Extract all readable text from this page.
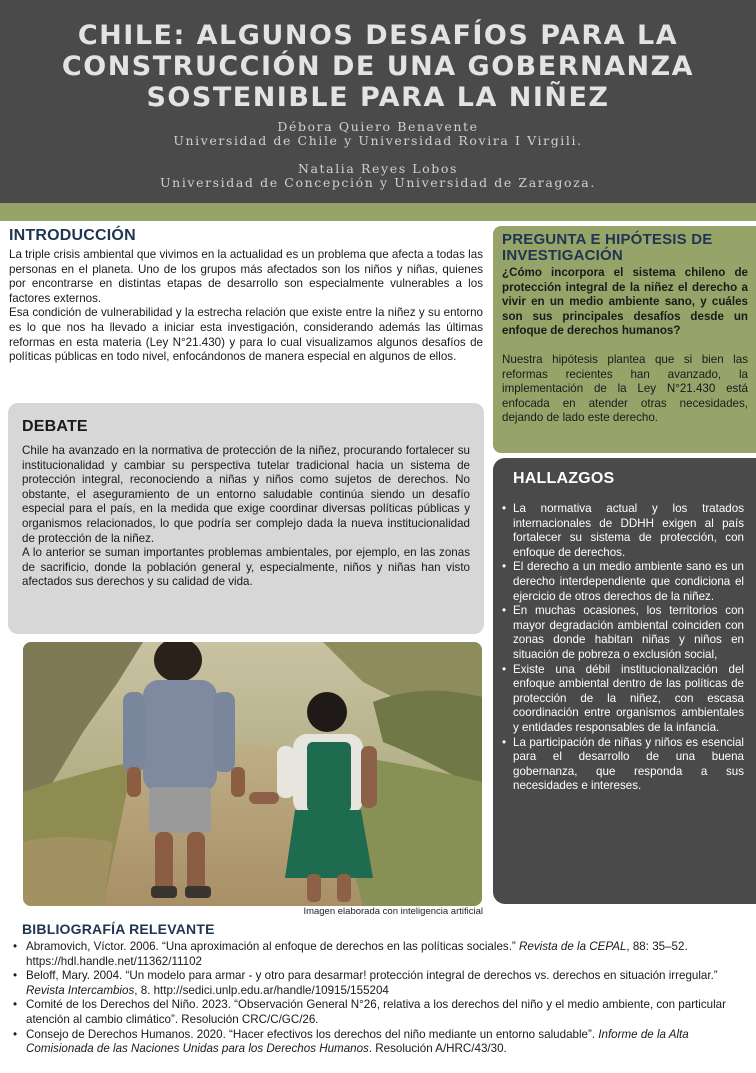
CHILE: ALGUNOS DESAFÍOS PARA LA
CONSTRUCCIÓN DE UNA GOBERNANZA
SOSTENIBLE PARA LA NIÑEZ
Débora Quiero Benavente
Universidad de Chile y Universidad Rovira I Virgili.
Natalia Reyes Lobos
Universidad de Concepción y Universidad de Zaragoza.
INTRODUCCIÓN

La triple crisis ambiental que vivimos en la actualidad es un problema que afecta a todas las personas en el planeta. Uno de los grupos más afectados son los niños y niñas, quienes por encontrarse en distintas etapas de desarrollo son especialmente vulnerables a los factores externos.

Esa condición de vulnerabilidad y la estrecha relación que existe entre la niñez y su entorno es lo que nos ha llevado a iniciar esta investigación, considerando además las últimas reformas en esta materia (Ley N°21.430) y para lo cual visualizamos algunos desafíos de políticas públicas en todo nivel, enfocándonos de manera especial en algunos de ellos.

DEBATE

Chile ha avanzado en la normativa de protección de la niñez, procurando fortalecer su institucionalidad y cambiar su perspectiva tutelar tradicional hacia un sistema de protección integral, reconociendo a niñas y niños como sujetos de derechos. No obstante, el aseguramiento de un entorno saludable continúa siendo un desafío especial para el país, en la medida que exige coordinar diversas políticas públicas y organismos relacionados, lo que podría ser complejo dada la nueva institucionalidad de protección de la niñez.

A lo anterior se suman importantes problemas ambientales, por ejemplo, en las zonas de sacrificio, donde la población general y, especialmente, niños y niñas han visto afectados sus derechos y su calidad de vida.

Imagen elaborada con inteligencia artificial
PREGUNTA E HIPÓTESIS DE INVESTIGACIÓN

¿Cómo incorpora el sistema chileno de protección integral de la niñez el derecho a vivir en un medio ambiente sano, y cuáles son sus principales desafíos desde un enfoque de derechos humanos?

Nuestra hipótesis plantea que si bien las reformas recientes han avanzado, la implementación de la Ley N°21.430 está enfocada en atender otras necesidades, dejando de lado este derecho.

HALLAZGOS
• La normativa actual y los tratados internacionales de DDHH exigen al país fortalecer su sistema de protección, con enfoque de derechos.
• El derecho a un medio ambiente sano es un derecho interdependiente que condiciona el ejercicio de otros derechos de la niñez.
• En muchas ocasiones, los territorios con mayor degradación ambiental coinciden con zonas donde habitan niñas y niños en situación de pobreza o exclusión social,
• Existe una débil institucionalización del enfoque ambiental dentro de las políticas de protección de la niñez, con escasa coordinación entre organismos ambientales y entidades responsables de la infancia.
• La participación de niñas y niños es esencial para el desarrollo de una buena gobernanza, que responda a sus necesidades e intereses.
BIBLIOGRAFÍA RELEVANTE
• Abramovich, Víctor. 2006. “Una aproximación al enfoque de derechos en las políticas sociales.” Revista de la CEPAL, 88: 35–52. https://hdl.handle.net/11362/11102
• Beloff, Mary. 2004. “Un modelo para armar - y otro para desarmar! protección integral de derechos vs. derechos en situación irregular.” Revista Intercambios, 8. http://sedici.unlp.edu.ar/handle/10915/155204
• Comité de los Derechos del Niño. 2023. “Observación General N°26, relativa a los derechos del niño y el medio ambiente, con particular atención al cambio climático”. Resolución CRC/C/GC/26.
• Consejo de Derechos Humanos. 2020. “Hacer efectivos los derechos del niño mediante un entorno saludable”. Informe de la Alta Comisionada de las Naciones Unidas para los Derechos Humanos. Resolución A/HRC/43/30.
